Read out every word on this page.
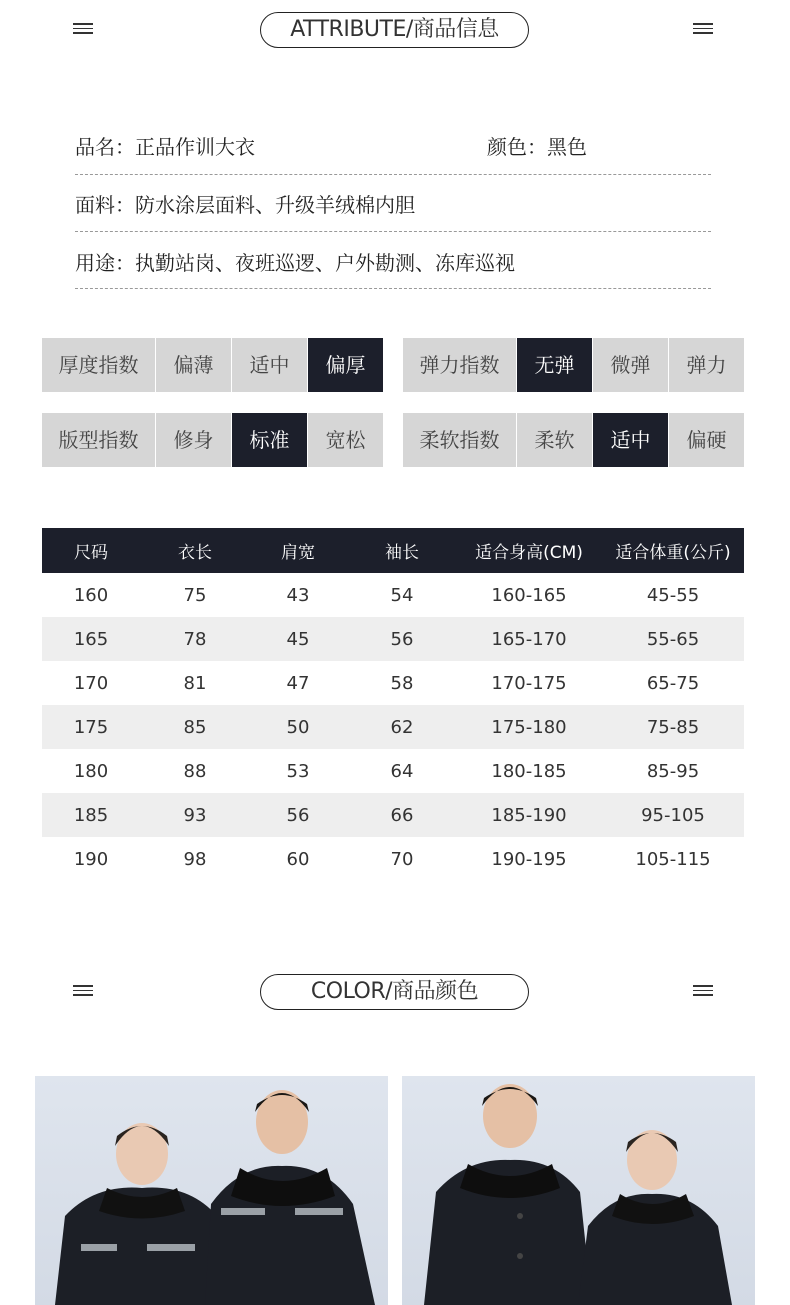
ATTRIBUTE/商品信息
品名：正品作训大衣	颜色：黑色
面料：防水涂层面料、升级羊绒棉内胆
用途：执勤站岗、夜班巡逻、户外勘测、冻库巡视
厚度指数	偏薄	适中	偏厚	弹力指数	无弹	微弹	弹力
版型指数	修身	标准	宽松	柔软指数	柔软	适中	偏硬
尺码	衣长	肩宽	袖长	适合身高(CM)	适合体重(公斤)
160	75	43	54	160-165	45-55
165	78	45	56	165-170	55-65
170	81	47	58	170-175	65-75
175	85	50	62	175-180	75-85
180	88	53	64	180-185	85-95
185	93	56	66	185-190	95-105
190	98	60	70	190-195	105-115
COLOR/商品颜色
